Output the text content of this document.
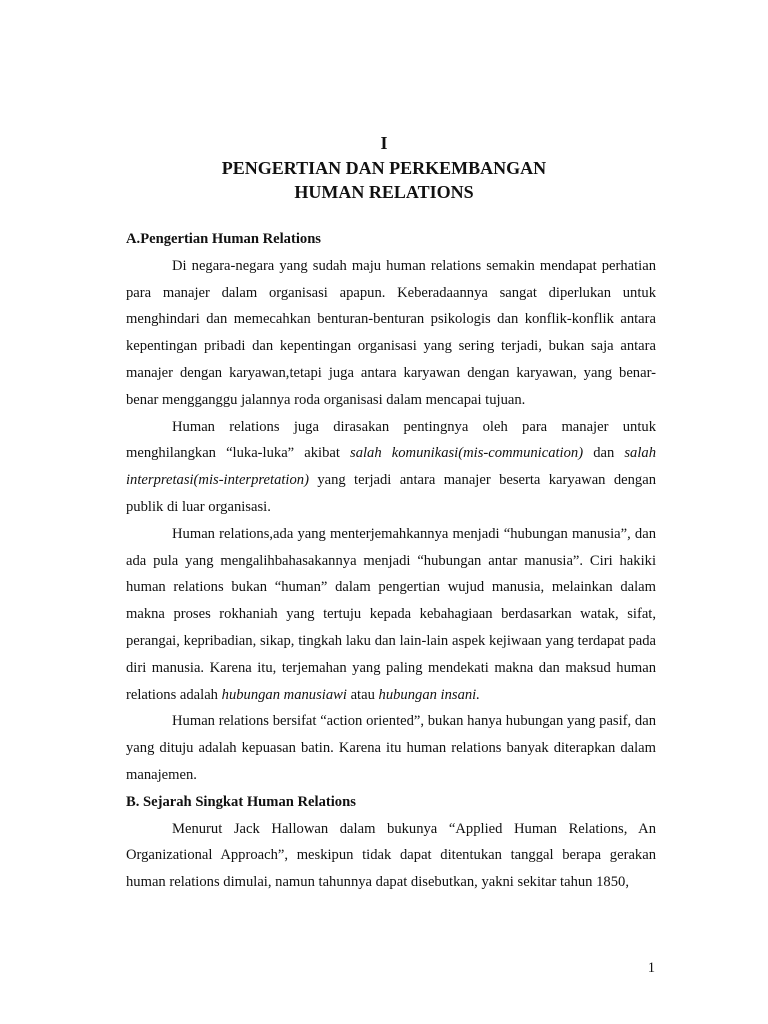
I
PENGERTIAN DAN PERKEMBANGAN
HUMAN RELATIONS
A.Pengertian Human Relations

Di negara-negara yang sudah maju human relations semakin mendapat perhatian para manajer dalam organisasi apapun. Keberadaannya sangat diperlukan untuk menghindari dan memecahkan benturan-benturan psikologis dan konflik-konflik antara kepentingan pribadi dan kepentingan organisasi yang sering terjadi, bukan saja antara manajer dengan karyawan,tetapi juga antara karyawan dengan karyawan, yang benar-benar mengganggu jalannya roda organisasi dalam mencapai tujuan.

Human relations juga dirasakan pentingnya oleh para manajer untuk menghilangkan “luka-luka” akibat salah komunikasi(mis-communication) dan salah interpretasi(mis-interpretation) yang terjadi antara manajer beserta karyawan dengan publik di luar organisasi.

Human relations,ada yang menterjemahkannya menjadi “hubungan manusia”, dan ada pula yang mengalihbahasakannya menjadi “hubungan antar manusia”. Ciri hakiki human relations bukan “human” dalam pengertian wujud manusia, melainkan dalam makna proses rokhaniah yang tertuju kepada kebahagiaan berdasarkan watak, sifat, perangai, kepribadian, sikap, tingkah laku dan lain-lain aspek kejiwaan yang terdapat pada diri manusia. Karena itu, terjemahan yang paling mendekati makna dan maksud human relations adalah hubungan manusiawi atau hubungan insani.

Human relations bersifat “action oriented”, bukan hanya hubungan yang pasif, dan yang dituju adalah kepuasan batin. Karena itu human relations banyak diterapkan dalam manajemen.

B. Sejarah Singkat Human Relations

Menurut Jack Hallowan dalam bukunya “Applied Human Relations, An Organizational Approach”, meskipun tidak dapat ditentukan tanggal berapa gerakan human relations dimulai, namun tahunnya dapat disebutkan, yakni sekitar tahun 1850,

1
